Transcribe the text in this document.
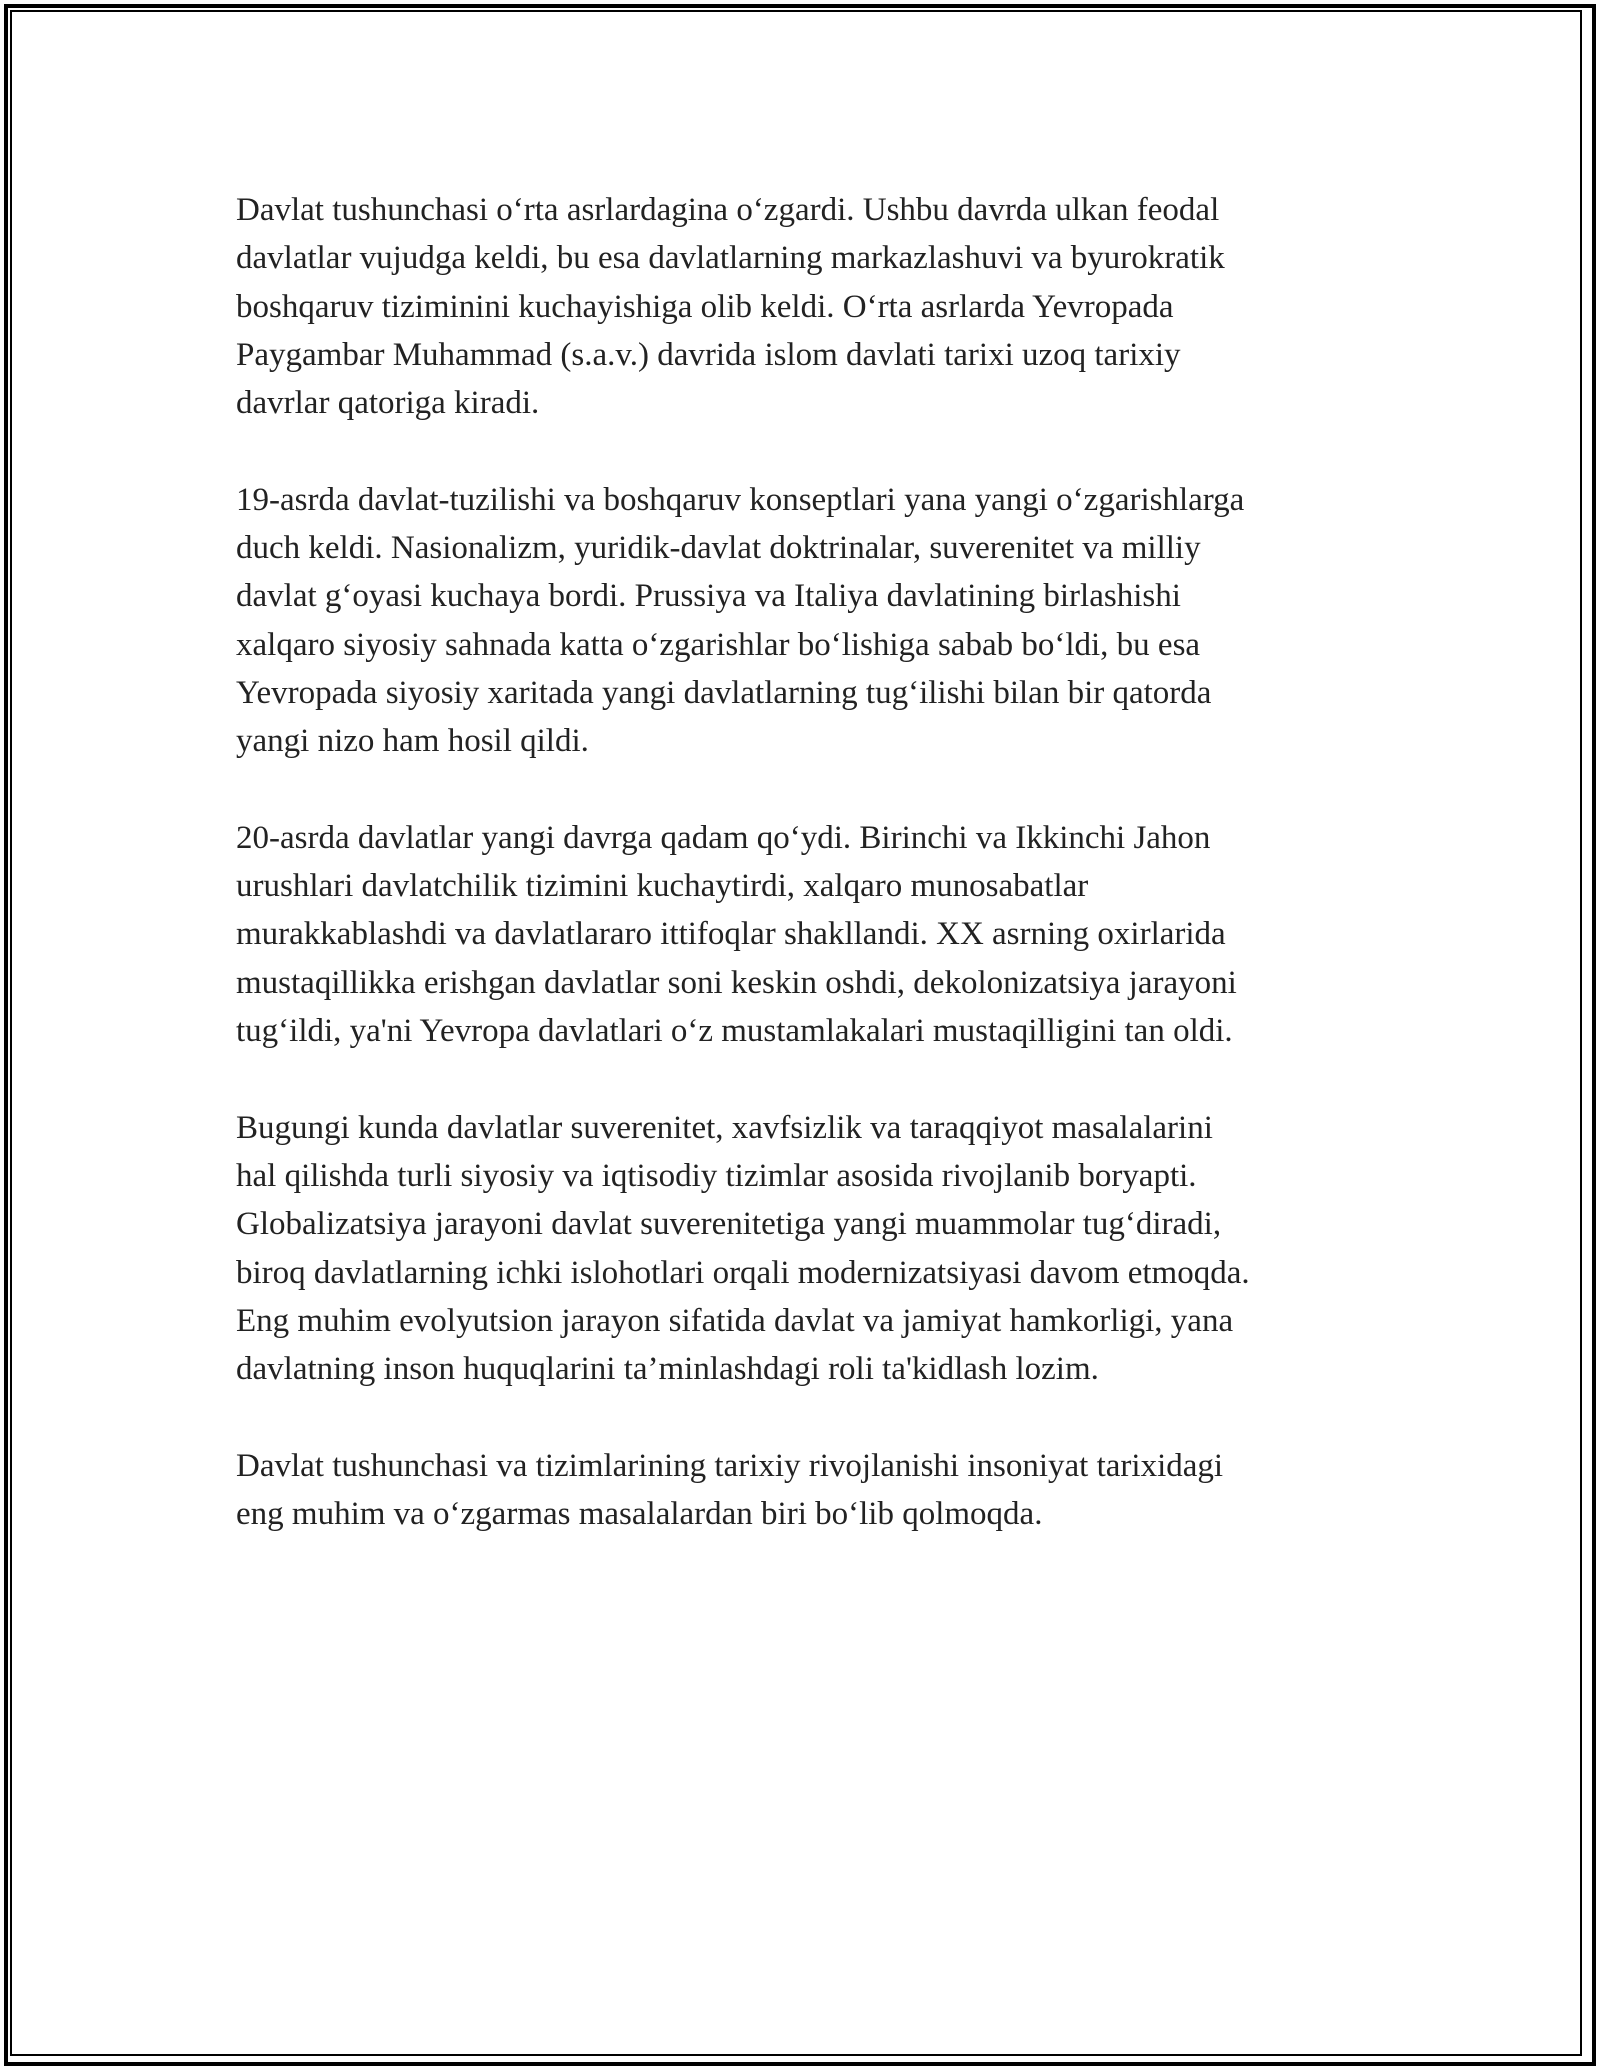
Davlat tushunchasi o‘rta asrlardagina o‘zgardi. Ushbu davrda ulkan feodal
davlatlar vujudga keldi, bu esa davlatlarning markazlashuvi va byurokratik
boshqaruv tiziminini kuchayishiga olib keldi. O‘rta asrlarda Yevropada
Paygambar Muhammad (s.a.v.) davrida islom davlati tarixi uzoq tarixiy
davrlar qatoriga kiradi.

19-asrda davlat-tuzilishi va boshqaruv konseptlari yana yangi o‘zgarishlarga
duch keldi. Nasionalizm, yuridik-davlat doktrinalar, suverenitet va milliy
davlat g‘oyasi kuchaya bordi. Prussiya va Italiya davlatining birlashishi
xalqaro siyosiy sahnada katta o‘zgarishlar bo‘lishiga sabab bo‘ldi, bu esa
Yevropada siyosiy xaritada yangi davlatlarning tug‘ilishi bilan bir qatorda
yangi nizo ham hosil qildi.

20-asrda davlatlar yangi davrga qadam qo‘ydi. Birinchi va Ikkinchi Jahon
urushlari davlatchilik tizimini kuchaytirdi, xalqaro munosabatlar
murakkablashdi va davlatlararo ittifoqlar shakllandi. XX asrning oxirlarida
mustaqillikka erishgan davlatlar soni keskin oshdi, dekolonizatsiya jarayoni
tug‘ildi, ya'ni Yevropa davlatlari o‘z mustamlakalari mustaqilligini tan oldi.

Bugungi kunda davlatlar suverenitet, xavfsizlik va taraqqiyot masalalarini
hal qilishda turli siyosiy va iqtisodiy tizimlar asosida rivojlanib boryapti.
Globalizatsiya jarayoni davlat suverenitetiga yangi muammolar tug‘diradi,
biroq davlatlarning ichki islohotlari orqali modernizatsiyasi davom etmoqda.
Eng muhim evolyutsion jarayon sifatida davlat va jamiyat hamkorligi, yana
davlatning inson huquqlarini ta’minlashdagi roli ta'kidlash lozim.

Davlat tushunchasi va tizimlarining tarixiy rivojlanishi insoniyat tarixidagi
eng muhim va o‘zgarmas masalalardan biri bo‘lib qolmoqda.
